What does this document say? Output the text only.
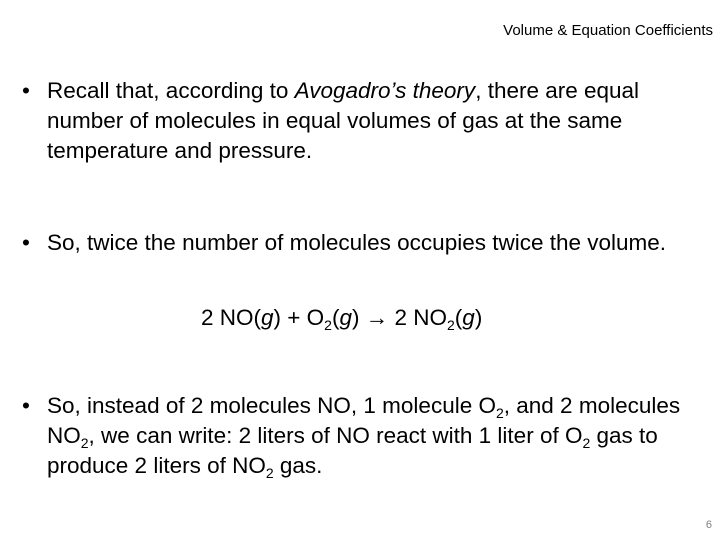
Volume & Equation Coefficients
• Recall that, according to Avogadro’s theory, there are equal number of molecules in equal volumes of gas at the same temperature and pressure.
• So, twice the number of molecules occupies twice the volume.
2 $NO(g) + O_2(g) \to 2$ $NO_2(g)$
• So, instead of 2 molecules NO, 1 molecule $O_2$, and 2 molecules $NO_2$, we can write: 2 liters of NO react with 1 liter of $O_2$ gas to produce 2 liters of $NO_2$ gas.
6
